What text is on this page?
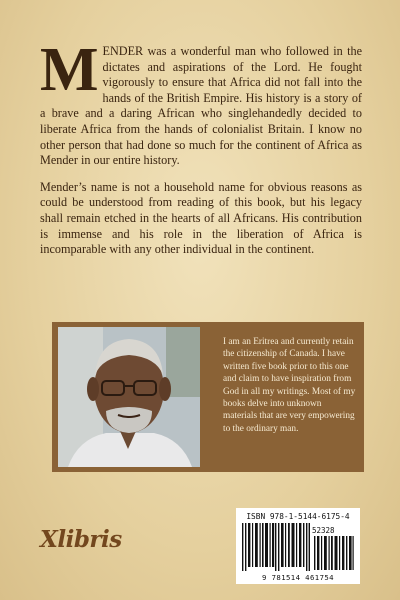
MENDER was a wonderful man who followed in the dictates and aspirations of the Lord. He fought vigorously to ensure that Africa did not fall into the hands of the British Empire. His history is a story of a brave and a daring African who singlehandedly decided to liberate Africa from the hands of colonialist Britain. I know no other person that had done so much for the continent of Africa as Mender in our entire history.

Mender’s name is not a household name for obvious reasons as could be understood from reading of this book, but his legacy shall remain etched in the hearts of all Africans. His contribution is immense and his role in the liberation of Africa is incomparable with any other individual in the continent.

I am an Eritrea and currently retain the citizenship of Canada. I have written five book prior to this one and claim to have inspiration from God in all my writings. Most of my books delve into unknown materials that are very empowering to the ordinary man.
Xlibris
ISBN 978-1-5144-6175-4
52328
9 781514 461754
